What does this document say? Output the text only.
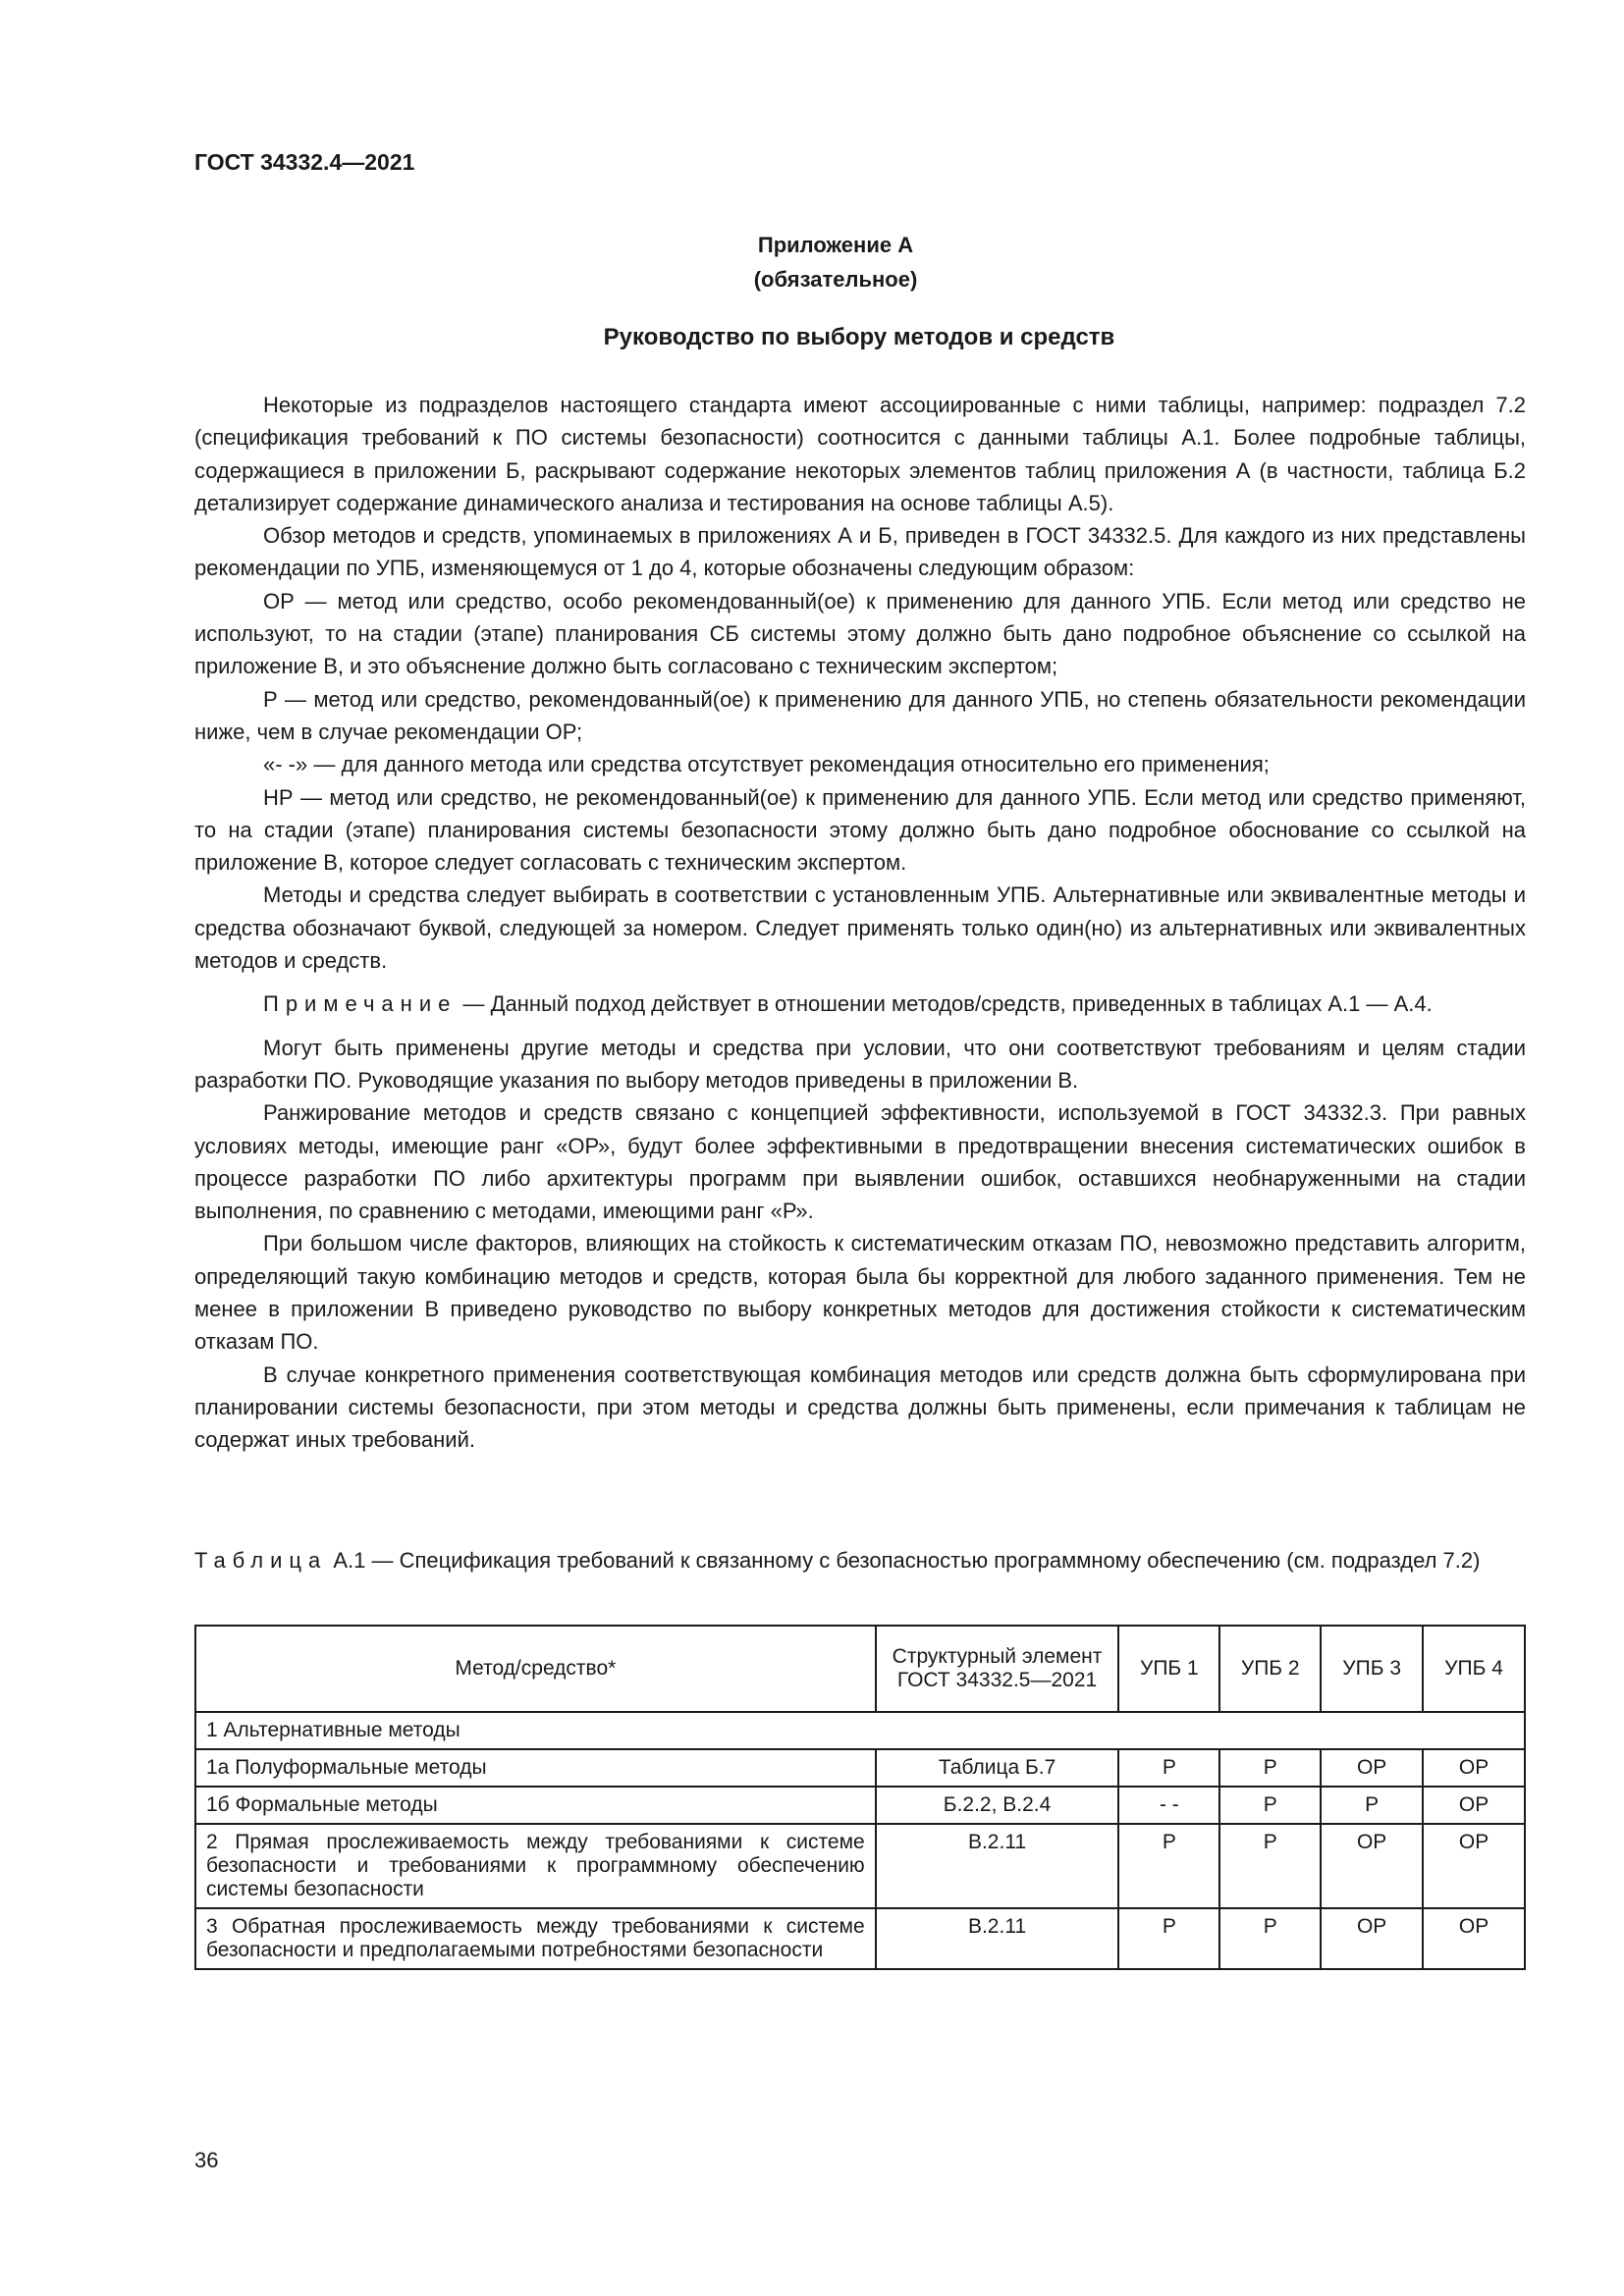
ГОСТ 34332.4—2021
Приложение А
(обязательное)
Руководство по выбору методов и средств

Некоторые из подразделов настоящего стандарта имеют ассоциированные с ними таблицы, например: подраздел 7.2 (спецификация требований к ПО системы безопасности) соотносится с данными таблицы А.1. Более подробные таблицы, содержащиеся в приложении Б, раскрывают содержание некоторых элементов таблиц приложения А (в частности, таблица Б.2 детализирует содержание динамического анализа и тестирования на основе таблицы А.5).

Обзор методов и средств, упоминаемых в приложениях А и Б, приведен в ГОСТ 34332.5. Для каждого из них представлены рекомендации по УПБ, изменяющемуся от 1 до 4, которые обозначены следующим образом:

ОР — метод или средство, особо рекомендованный(ое) к применению для данного УПБ. Если метод или средство не используют, то на стадии (этапе) планирования СБ системы этому должно быть дано подробное объяснение со ссылкой на приложение В, и это объяснение должно быть согласовано с техническим экспертом;

Р — метод или средство, рекомендованный(ое) к применению для данного УПБ, но степень обязательности рекомендации ниже, чем в случае рекомендации ОР;

«- -» — для данного метода или средства отсутствует рекомендация относительно его применения;

НР — метод или средство, не рекомендованный(ое) к применению для данного УПБ. Если метод или средство применяют, то на стадии (этапе) планирования системы безопасности этому должно быть дано подробное обоснование со ссылкой на приложение В, которое следует согласовать с техническим экспертом.

Методы и средства следует выбирать в соответствии с установленным УПБ. Альтернативные или эквивалентные методы и средства обозначают буквой, следующей за номером. Следует применять только один(но) из альтернативных или эквивалентных методов и средств.

Примечание — Данный подход действует в отношении методов/средств, приведенных в таблицах А.1 — А.4.

Могут быть применены другие методы и средства при условии, что они соответствуют требованиям и целям стадии разработки ПО. Руководящие указания по выбору методов приведены в приложении В.

Ранжирование методов и средств связано с концепцией эффективности, используемой в ГОСТ 34332.3. При равных условиях методы, имеющие ранг «ОР», будут более эффективными в предотвращении внесения систематических ошибок в процессе разработки ПО либо архитектуры программ при выявлении ошибок, оставшихся необнаруженными на стадии выполнения, по сравнению с методами, имеющими ранг «Р».

При большом числе факторов, влияющих на стойкость к систематическим отказам ПО, невозможно представить алгоритм, определяющий такую комбинацию методов и средств, которая была бы корректной для любого заданного применения. Тем не менее в приложении В приведено руководство по выбору конкретных методов для достижения стойкости к систематическим отказам ПО.

В случае конкретного применения соответствующая комбинация методов или средств должна быть сформулирована при планировании системы безопасности, при этом методы и средства должны быть применены, если примечания к таблицам не содержат иных требований.

Таблица А.1 — Спецификация требований к связанному с безопасностью программному обеспечению (см. подраздел 7.2)
Метод/средство*	Структурный элемент ГОСТ 34332.5—2021	УПБ 1	УПБ 2	УПБ 3	УПБ 4
1 Альтернативные методы					
1а Полуформальные методы	Таблица Б.7	Р	Р	ОР	ОР
1б Формальные методы	Б.2.2, В.2.4	- -	Р	Р	ОР
2 Прямая прослеживаемость между требованиями к системе безопасности и требованиями к программному обеспечению системы безопасности	В.2.11	Р	Р	ОР	ОР
3 Обратная прослеживаемость между требованиями к системе безопасности и предполагаемыми потребностями безопасности	В.2.11	Р	Р	ОР	ОР
36
